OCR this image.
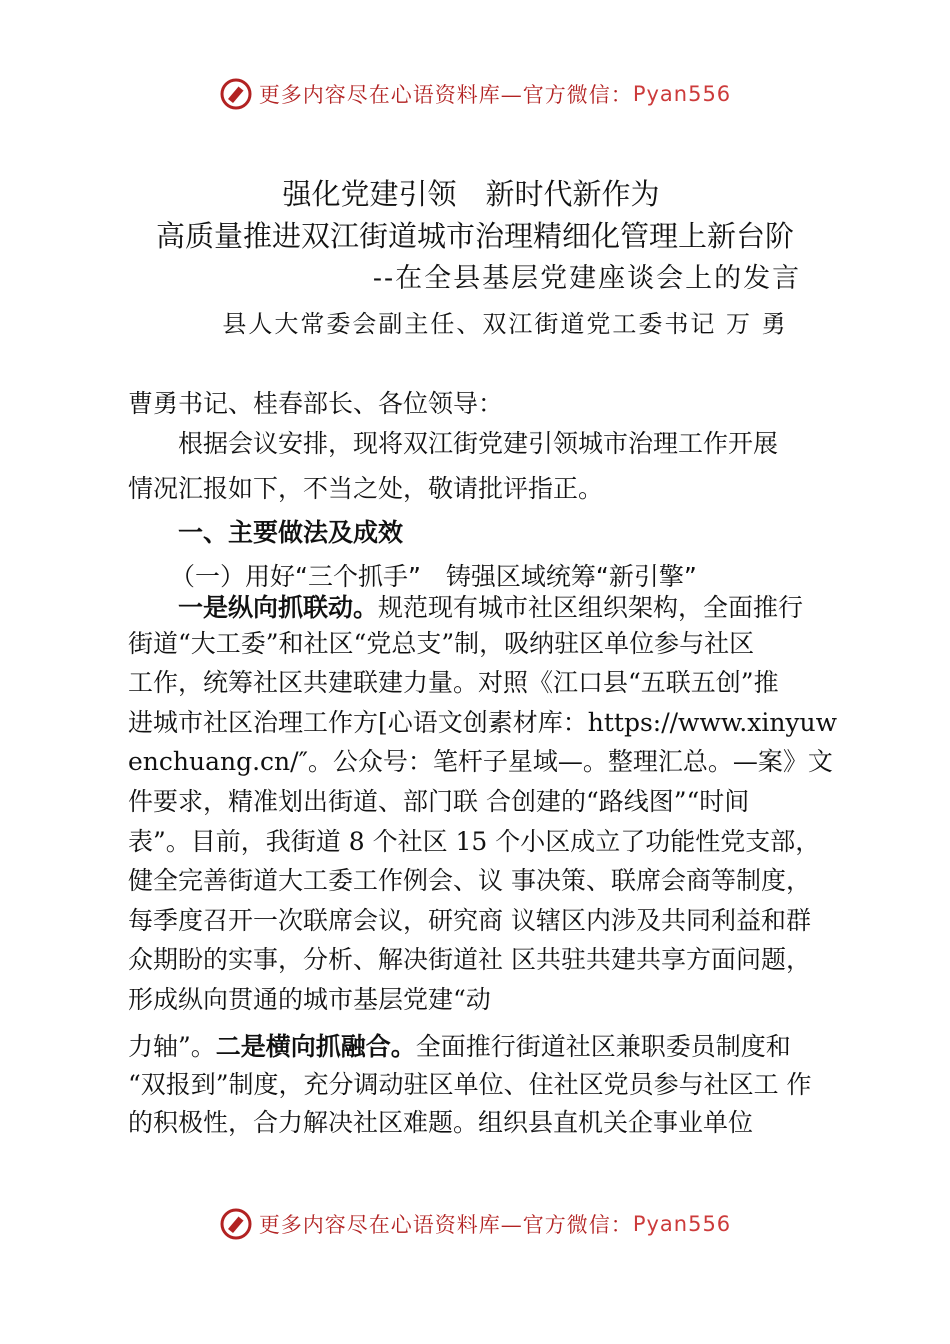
更多内容尽在心语资料库—官方微信： Pyan556
强化党建引领　新时代新作为
高质量推进双江街道城市治理精细化管理上新台阶
--在全县基层党建座谈会上的发言
县人大常委会副主任、双江街道党工委书记 万 勇
曹勇书记、桂春部长、各位领导：
根据会议安排，现将双江街党建引领城市治理工作开展
情况汇报如下，不当之处，敬请批评指正。
一、主要做法及成效
（一）用好“三个抓手”　铸强区域统筹“新引擎”
一是纵向抓联动。规范现有城市社区组织架构，全面推行
街道“大工委”和社区“党总支”制，吸纳驻区单位参与社区
工作，统筹社区共建联建力量。对照《江口县“五联五创”推
进城市社区治理工作方[心语文创素材库：https://www.xinyuw
enchuang.cn/″。公众号：笔杆子星域—。整理汇总。—案》文
件要求，精准划出街道、部门联 合创建的“路线图”“时间
表”。目前，我街道 8 个社区 15 个小区成立了功能性党支部，
健全完善街道大工委工作例会、议 事决策、联席会商等制度，
每季度召开一次联席会议，研究商 议辖区内涉及共同利益和群
众期盼的实事，分析、解决街道社 区共驻共建共享方面问题，
形成纵向贯通的城市基层党建“动
力轴”。二是横向抓融合。全面推行街道社区兼职委员制度和
“双报到”制度，充分调动驻区单位、住社区党员参与社区工 作
的积极性，合力解决社区难题。组织县直机关企事业单位
更多内容尽在心语资料库—官方微信： Pyan556
